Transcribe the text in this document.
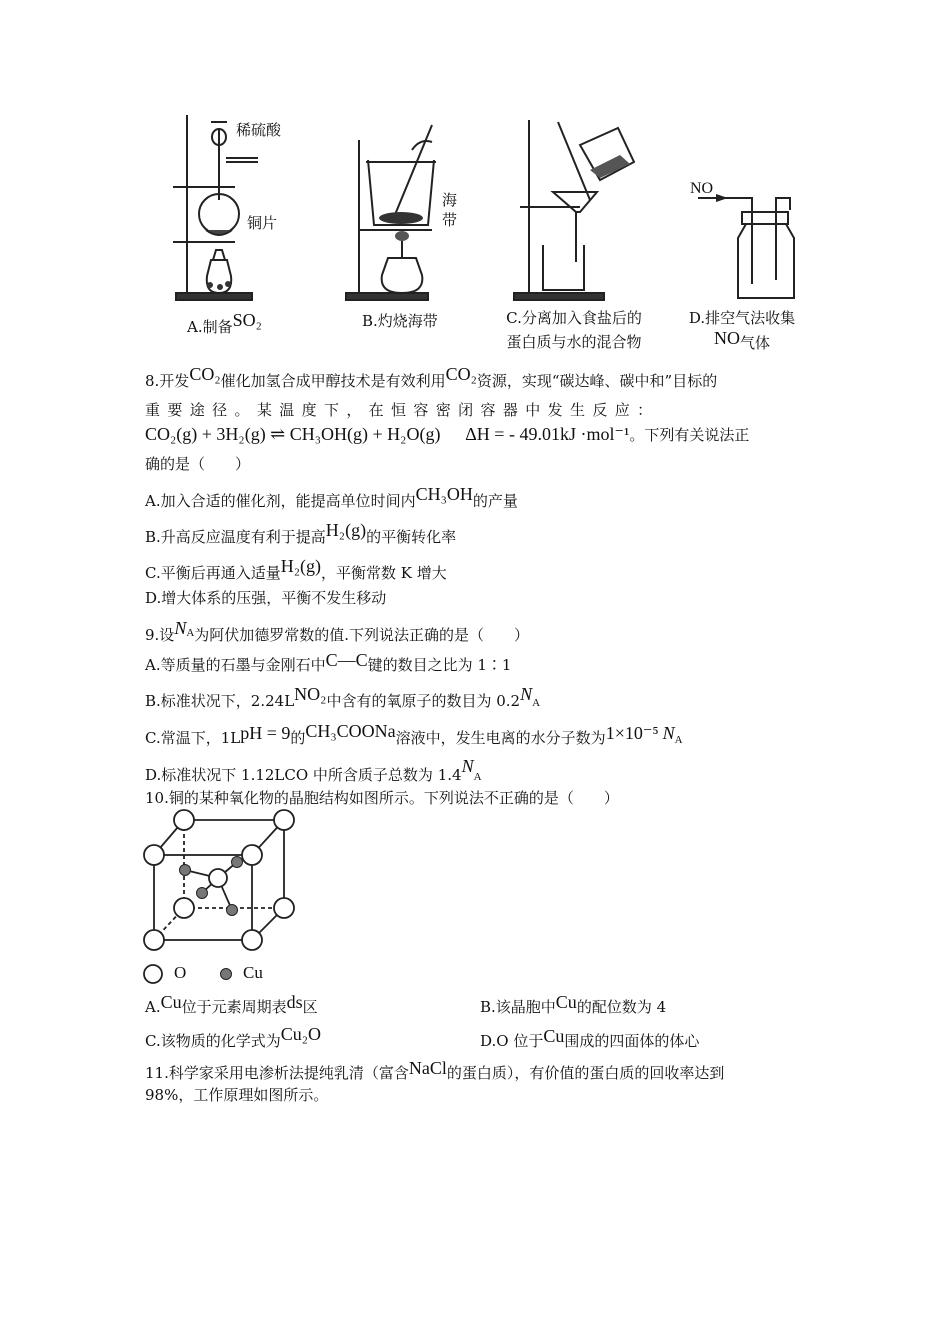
稀硫酸
铜片
A.制备SO₂
海带
B.灼烧海带	C.分离加入食盐后的
蛋白质与水的混合物
NO
D.排空气法收集
NO气体
8.开发CO₂催化加氢合成甲醇技术是有效利用CO₂资源，实现“碳达峰、碳中和”目标的
重 要 途 径 。 某 温 度 下 ， 在 恒 容 密 闭 容 器 中 发 生 反 应 ：
CO₂(g) + 3H₂(g) ⇌ CH₃OH(g) + H₂O(g) ΔH = - 49.01kJ ·mol⁻¹。下列有关说法正
确的是（　　）
A.加入合适的催化剂，能提高单位时间内CH₃OH的产量
B.升高反应温度有利于提高H₂(g)的平衡转化率
C.平衡后再通入适量H₂(g)，平衡常数 K 增大
D.增大体系的压强，平衡不发生移动
9.设$N^A$为阿伏加德罗常数的值.下列说法正确的是（　　）
A.等质量的石墨与金刚石中C—C键的数目之比为 1∶1
B.标准状况下，2.24LNO₂中含有的氧原子的数目为 0.2NA
C.常温下，1LpH = 9的CH₃COONa溶液中，发生电离的水分子数为1×10⁻⁵ NA
D.标准状况下 1.12LCO 中所含质子总数为 1.4NA
10.铜的某种氧化物的晶胞结构如图所示。下列说法不正确的是（　　）
O	Cu
A.Cu位于元素周期表ds区	B.该晶胞中Cu的配位数为 4
C.该物质的化学式为Cu₂O	D.O 位于Cu围成的四面体的体心
11.科学家采用电渗析法提纯乳清（富含NaCl的蛋白质），有价值的蛋白质的回收率达到
98%，工作原理如图所示。
